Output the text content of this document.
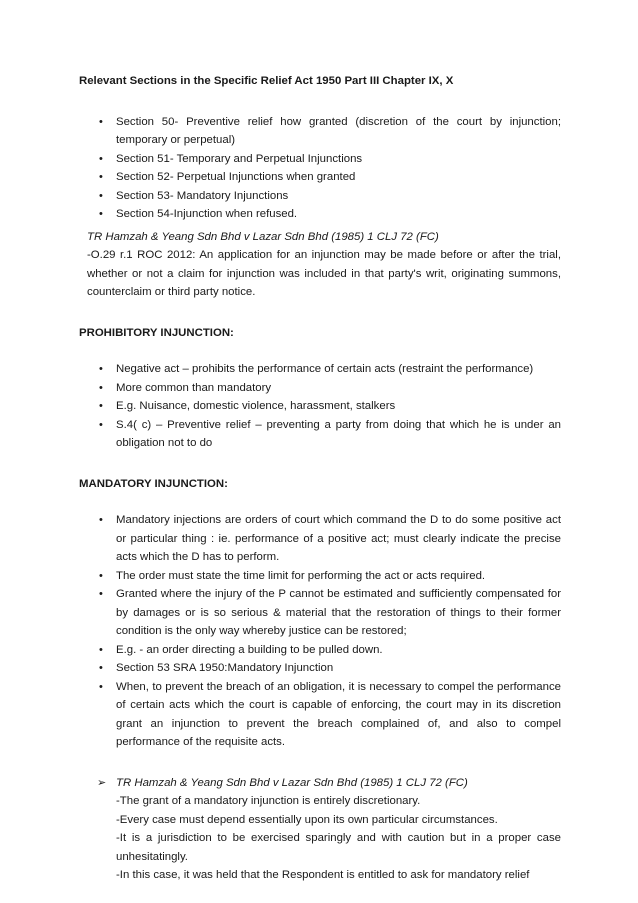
Relevant Sections in the Specific Relief Act 1950 Part III Chapter IX, X

• Section 50- Preventive relief how granted (discretion of the court by injunction; temporary or perpetual)
• Section 51- Temporary and Perpetual Injunctions
• Section 52- Perpetual Injunctions when granted
• Section 53- Mandatory Injunctions
• Section 54-Injunction when refused.
TR Hamzah & Yeang Sdn Bhd v Lazar Sdn Bhd (1985) 1 CLJ 72 (FC)
-O.29 r.1 ROC 2012: An application for an injunction may be made before or after the trial, whether or not a claim for injunction was included in that party's writ, originating summons, counterclaim or third party notice.

PROHIBITORY INJUNCTION:

• Negative act – prohibits the performance of certain acts (restraint the performance)
• More common than mandatory
• E.g. Nuisance, domestic violence, harassment, stalkers
• S.4( c) – Preventive relief – preventing a party from doing that which he is under an obligation not to do

MANDATORY INJUNCTION:

• Mandatory injections are orders of court which command the D to do some positive act or particular thing : ie. performance of a positive act; must clearly indicate the precise acts which the D has to perform.
• The order must state the time limit for performing the act or acts required.
• Granted where the injury of the P cannot be estimated and sufficiently compensated for by damages or is so serious & material that the restoration of things to their former condition is the only way whereby justice can be restored;
• E.g. - an order directing a building to be pulled down.
• Section 53 SRA 1950:Mandatory Injunction
• When, to prevent the breach of an obligation, it is necessary to compel the performance of certain acts which the court is capable of enforcing, the court may in its discretion grant an injunction to prevent the breach complained of, and also to compel performance of the requisite acts.
➢ TR Hamzah & Yeang Sdn Bhd v Lazar Sdn Bhd (1985) 1 CLJ 72 (FC)
-The grant of a mandatory injunction is entirely discretionary.
-Every case must depend essentially upon its own particular circumstances.
-It is a jurisdiction to be exercised sparingly and with caution but in a proper case unhesitatingly.
-In this case, it was held that the Respondent is entitled to ask for mandatory relief
